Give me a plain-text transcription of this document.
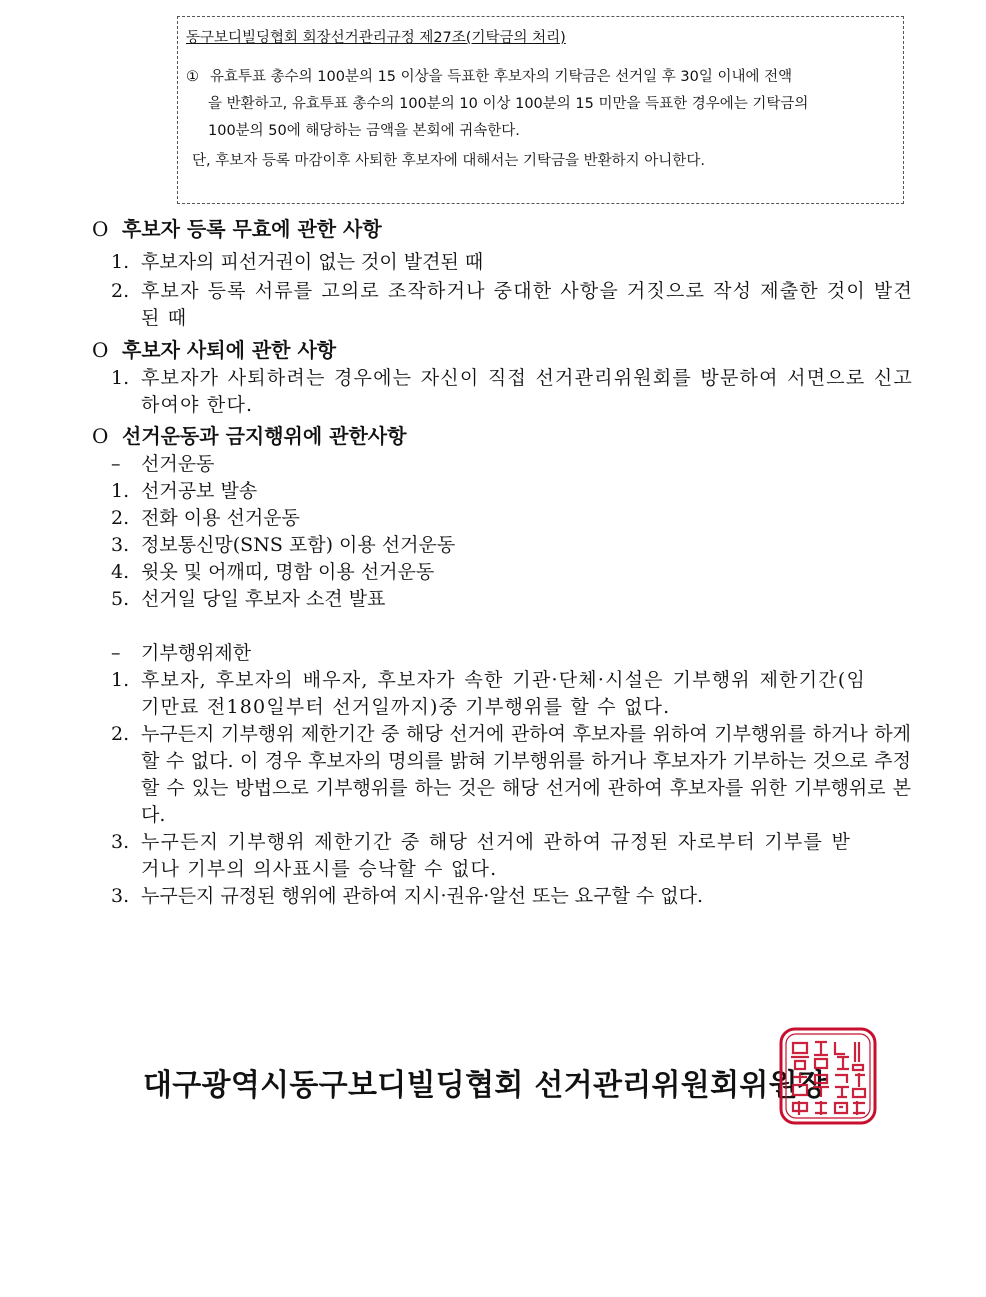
동구보디빌딩협회 회장선거관리규정 제27조(기탁금의 처리)
① 유효투표 총수의 100분의 15 이상을 득표한 후보자의 기탁금은 선거일 후 30일 이내에 전액
을 반환하고, 유효투표 총수의 100분의 10 이상 100분의 15 미만을 득표한 경우에는 기탁금의
100분의 50에 해당하는 금액을 본회에 귀속한다.
단, 후보자 등록 마감이후 사퇴한 후보자에 대해서는 기탁금을 반환하지 아니한다.
O 후보자 등록 무효에 관한 사항
1. 후보자의 피선거권이 없는 것이 발견된 때
2. 후보자 등록 서류를 고의로 조작하거나 중대한 사항을 거짓으로 작성 제출한 것이 발견된 때
O 후보자 사퇴에 관한 사항
1. 후보자가 사퇴하려는 경우에는 자신이 직접 선거관리위원회를 방문하여 서면으로 신고하여야 한다.
O 선거운동과 금지행위에 관한사항
– 선거운동
1. 선거공보 발송
2. 전화 이용 선거운동
3. 정보통신망(SNS 포함) 이용 선거운동
4. 윗옷 및 어깨띠, 명함 이용 선거운동
5. 선거일 당일 후보자 소견 발표
– 기부행위제한
1. 후보자, 후보자의 배우자, 후보자가 속한 기관·단체·시설은 기부행위 제한기간(임기만료 전180일부터 선거일까지)중 기부행위를 할 수 없다.
2. 누구든지 기부행위 제한기간 중 해당 선거에 관하여 후보자를 위하여 기부행위를 하거나 하게 할 수 없다. 이 경우 후보자의 명의를 밝혀 기부행위를 하거나 후보자가 기부하는 것으로 추정할 수 있는 방법으로 기부행위를 하는 것은 해당 선거에 관하여 후보자를 위한 기부행위로 본다.
3. 누구든지 기부행위 제한기간 중 해당 선거에 관하여 규정된 자로부터 기부를 받거나 기부의 의사표시를 승낙할 수 없다.
3. 누구든지 규정된 행위에 관하여 지시·권유·알선 또는 요구할 수 없다.
대구광역시동구보디빌딩협회 선거관리위원회위원장
